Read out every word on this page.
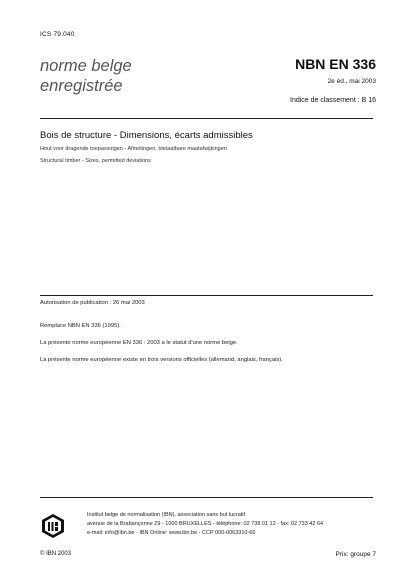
ICS 79.040
norme belge
enregistrée
NBN EN 336
2e éd., mai 2003
Indice de classement : B 16
Bois de structure - Dimensions, écarts admissibles
Hout voor dragende toepassingen - Afmetingen, toelaatbare maatafwijkingen
Structural timber - Sizes, permitted deviations
Autorisation de publication : 26 mai 2003
Remplace NBN EN 336 (1995).
La présente norme européenne EN 336 : 2003 a le statut d'une norme belge.
La présente norme européenne existe en trois versions officielles (allemand, anglais, français).
Institut belge de normalisation (IBN), association sans but lucratif
avenue de la Brabançonne 29 - 1000 BRUXELLES - téléphone: 02 738 01 12 - fax: 02 733 42 64
e-mail: info@ibn.be - IBN Online: www.ibn.be - CCP 000-0063310-66
© IBN 2003	Prix: groupe 7
